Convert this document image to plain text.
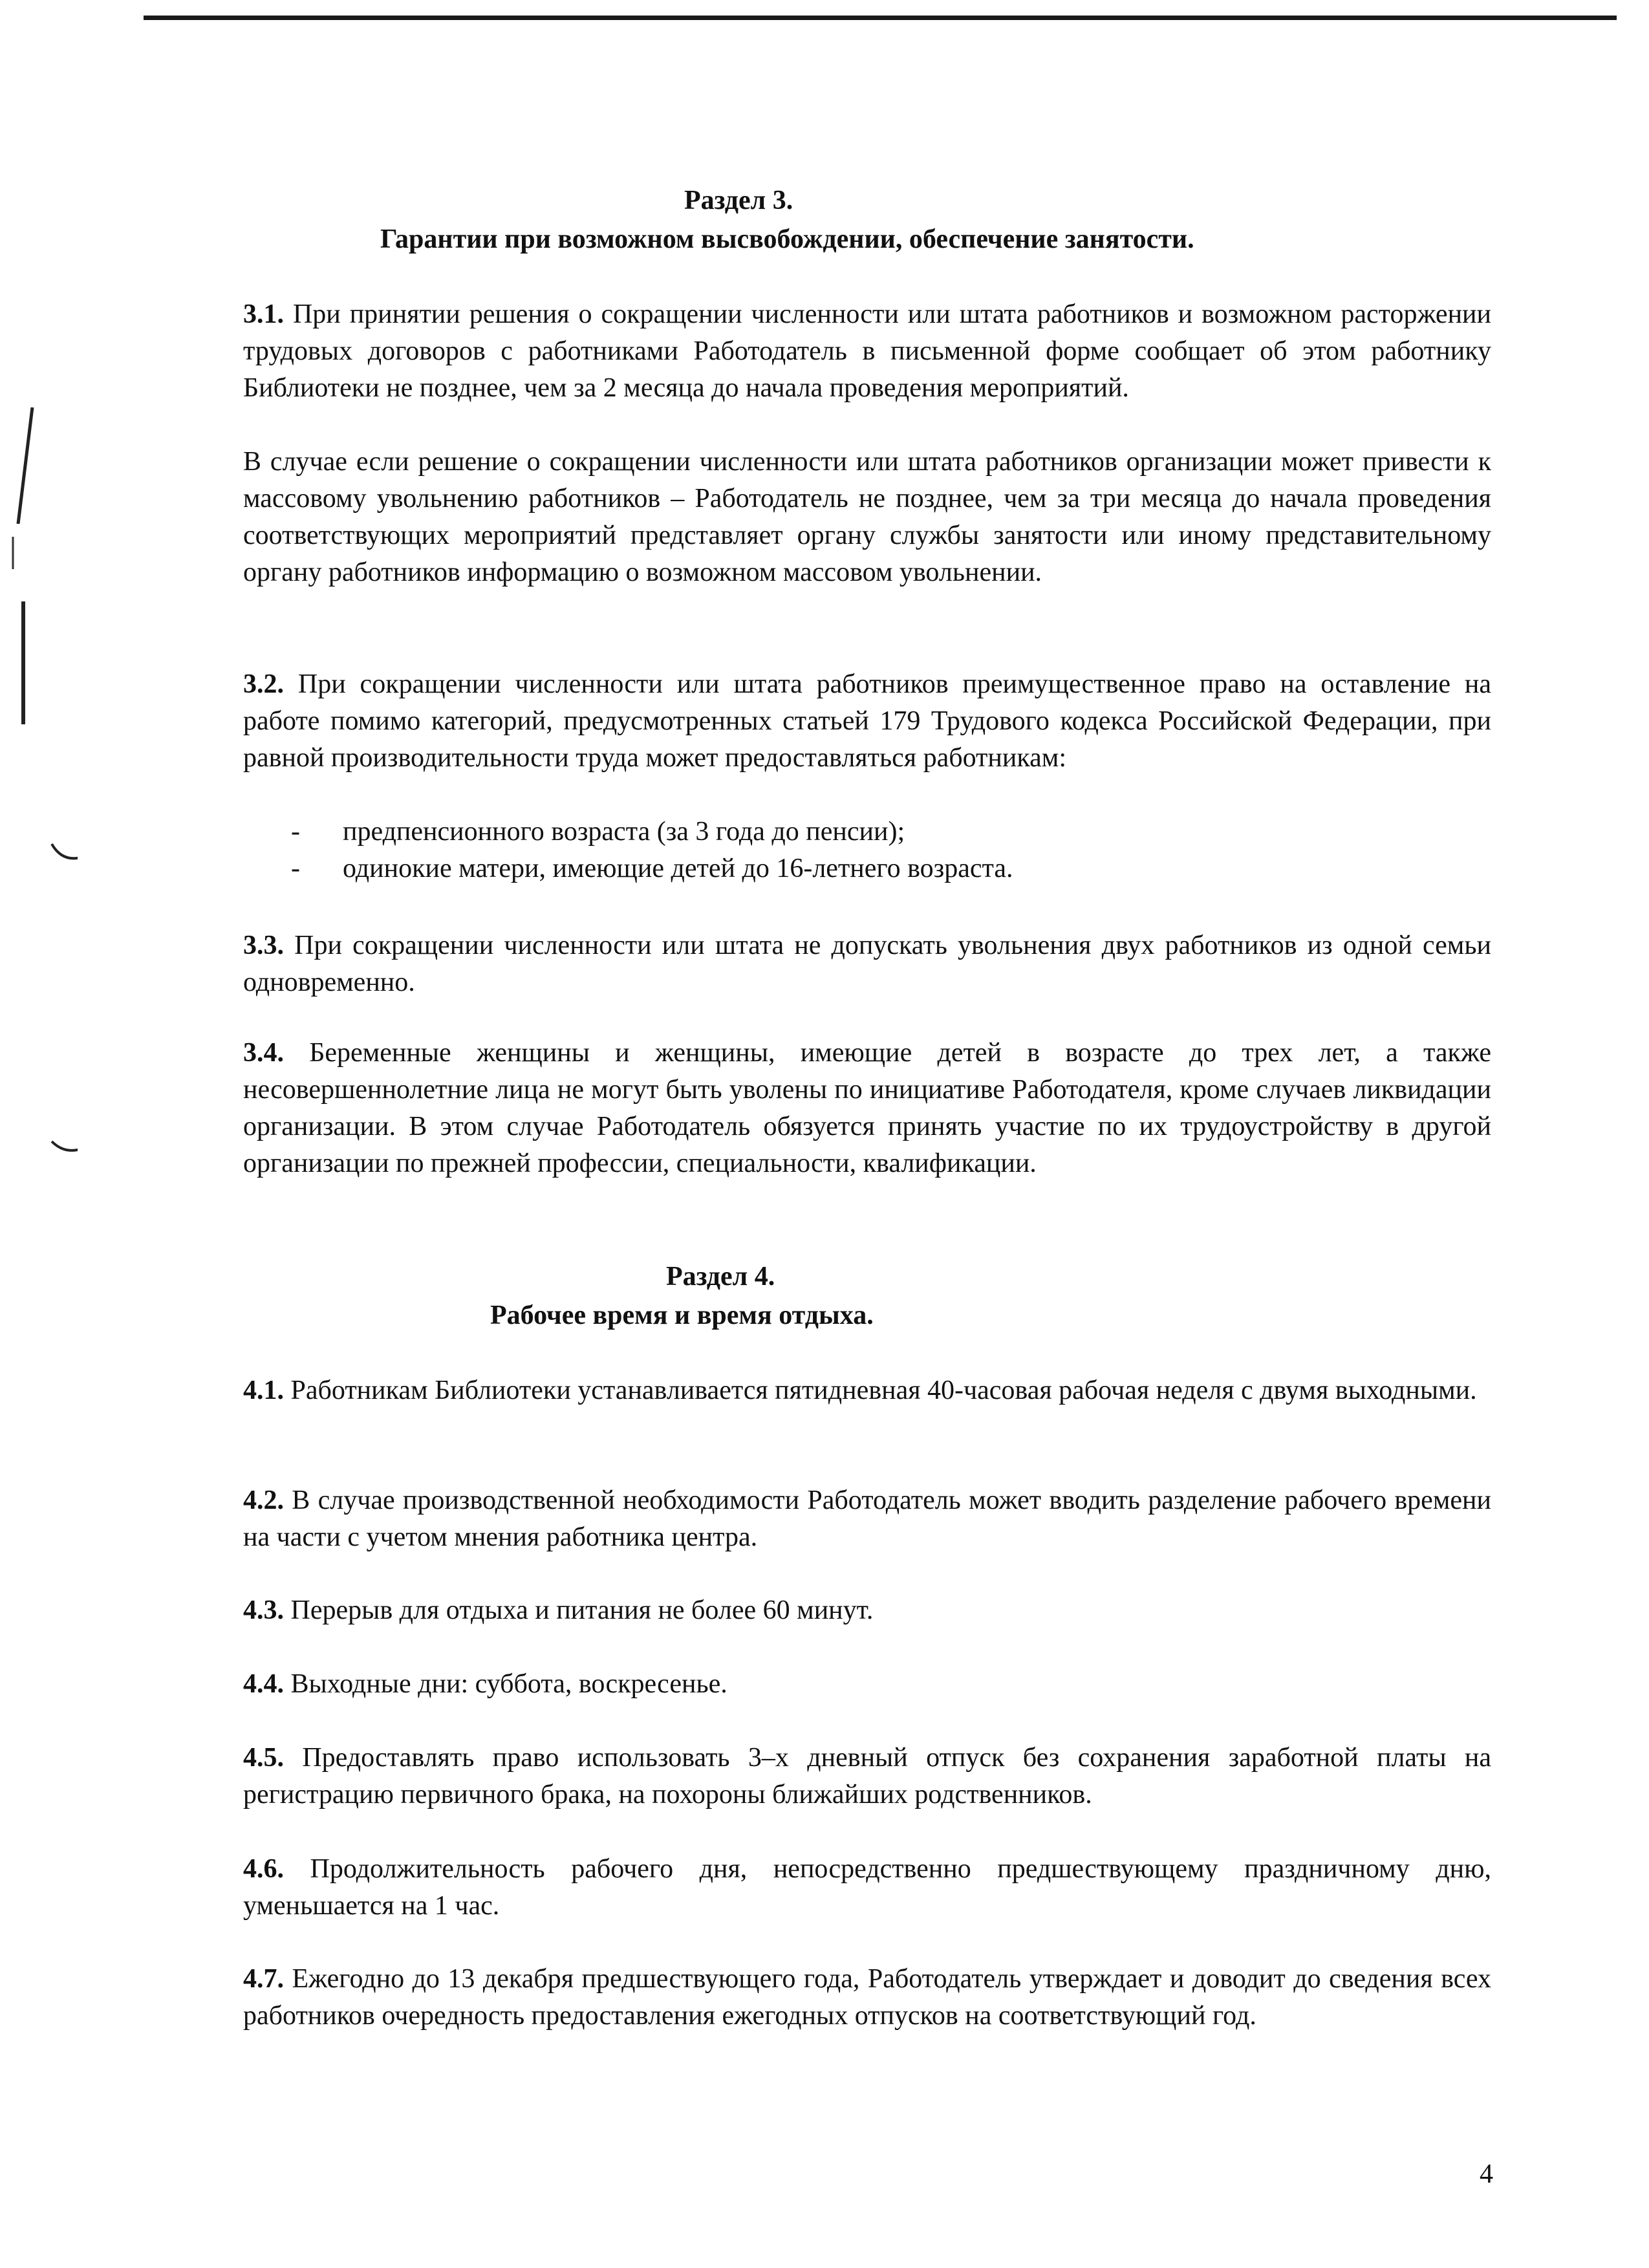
Раздел 3.
Гарантии при возможном высвобождении, обеспечение занятости.
3.1. При принятии решения о сокращении численности или штата работников и возможном расторжении трудовых договоров с работниками Работодатель в письменной форме сообщает об этом работнику Библиотеки не позднее, чем за 2 месяца до начала проведения мероприятий.
В случае если решение о сокращении численности или штата работников организации может привести к массовому увольнению работников – Работодатель не позднее, чем за три месяца до начала проведения соответствующих мероприятий представляет органу службы занятости или иному представительному органу работников информацию о возможном массовом увольнении.
3.2. При сокращении численности или штата работников преимущественное право на оставление на работе помимо категорий, предусмотренных статьей 179 Трудового кодекса Российской Федерации, при равной производительности труда может предоставляться работникам:
- предпенсионного возраста (за 3 года до пенсии);
- одинокие матери, имеющие детей до 16-летнего возраста.
3.3. При сокращении численности или штата не допускать увольнения двух работников из одной семьи одновременно.
3.4. Беременные женщины и женщины, имеющие детей в возрасте до трех лет, а также несовершеннолетние лица не могут быть уволены по инициативе Работодателя, кроме случаев ликвидации организации. В этом случае Работодатель обязуется принять участие по их трудоустройству в другой организации по прежней профессии, специальности, квалификации.
Раздел 4.
Рабочее время и время отдыха.
4.1. Работникам Библиотеки устанавливается пятидневная 40-часовая рабочая неделя с двумя выходными.
4.2. В случае производственной необходимости Работодатель может вводить разделение рабочего времени на части с учетом мнения работника центра.
4.3. Перерыв для отдыха и питания не более 60 минут.
4.4. Выходные дни: суббота, воскресенье.
4.5. Предоставлять право использовать 3–х дневный отпуск без сохранения заработной платы на регистрацию первичного брака, на похороны ближайших родственников.
4.6. Продолжительность рабочего дня, непосредственно предшествующему праздничному дню, уменьшается на 1 час.
4.7. Ежегодно до 13 декабря предшествующего года, Работодатель утверждает и доводит до сведения всех работников очередность предоставления ежегодных отпусков на соответствующий год.
4
